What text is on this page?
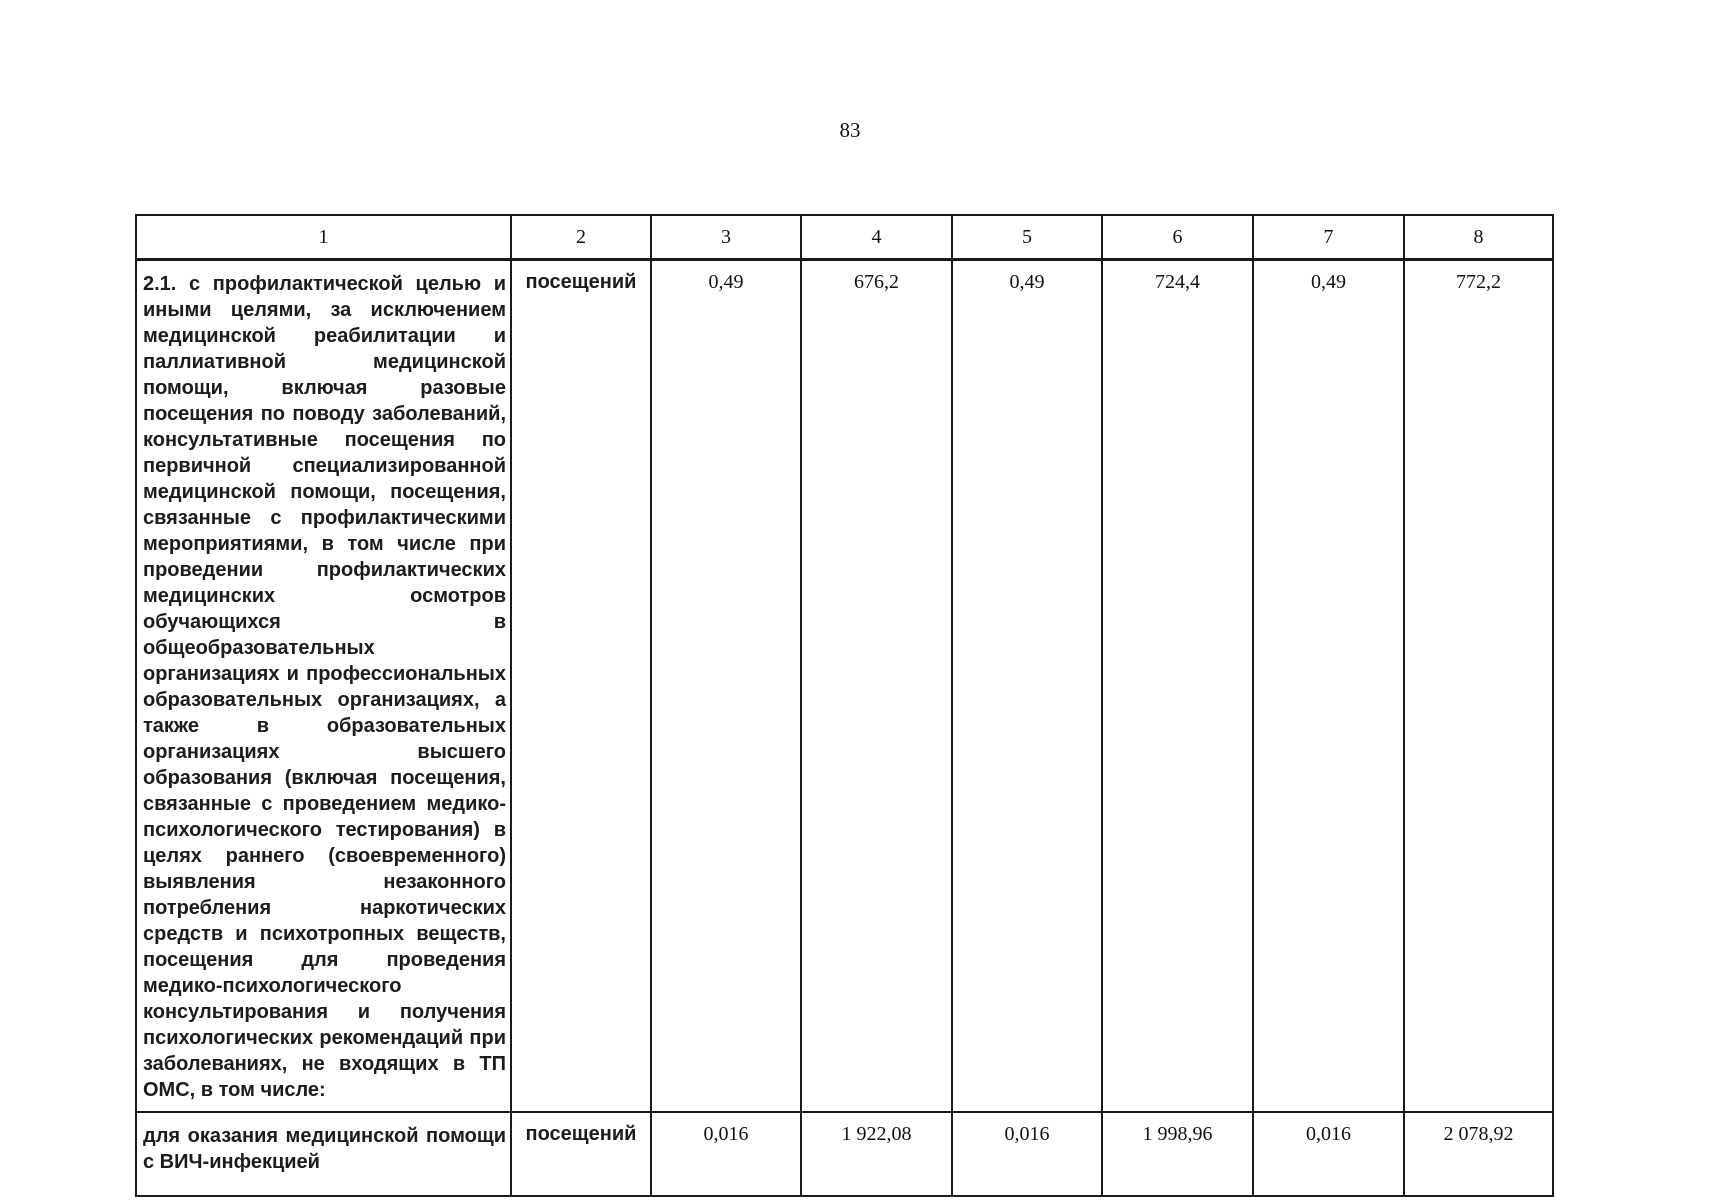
83
1	2	3	4	5	6	7	8
2.1. с профилактической целью и иными целями, за исключением медицинской реабилитации и паллиативной медицинской помощи, включая разовые посещения по поводу заболеваний, консультативные посещения по первичной специализированной медицинской помощи, посещения, связанные с профилактическими мероприятиями, в том числе при проведении профилактических медицинских осмотров обучающихся в общеобразовательных организациях и профессиональных образовательных организациях, а также в образовательных организациях высшего образования (включая посещения, связанные с проведением медико-психологического тестирования) в целях раннего (своевременного) выявления незаконного потребления наркотических средств и психотропных веществ, посещения для проведения медико-психологического консультирования и получения психологических рекомендаций при заболеваниях, не входящих в ТП ОМС, в том числе:	посещений	0,49	676,2	0,49	724,4	0,49	772,2
для оказания медицинской помощи с ВИЧ-инфекцией	посещений	0,016	1 922,08	0,016	1 998,96	0,016	2 078,92
